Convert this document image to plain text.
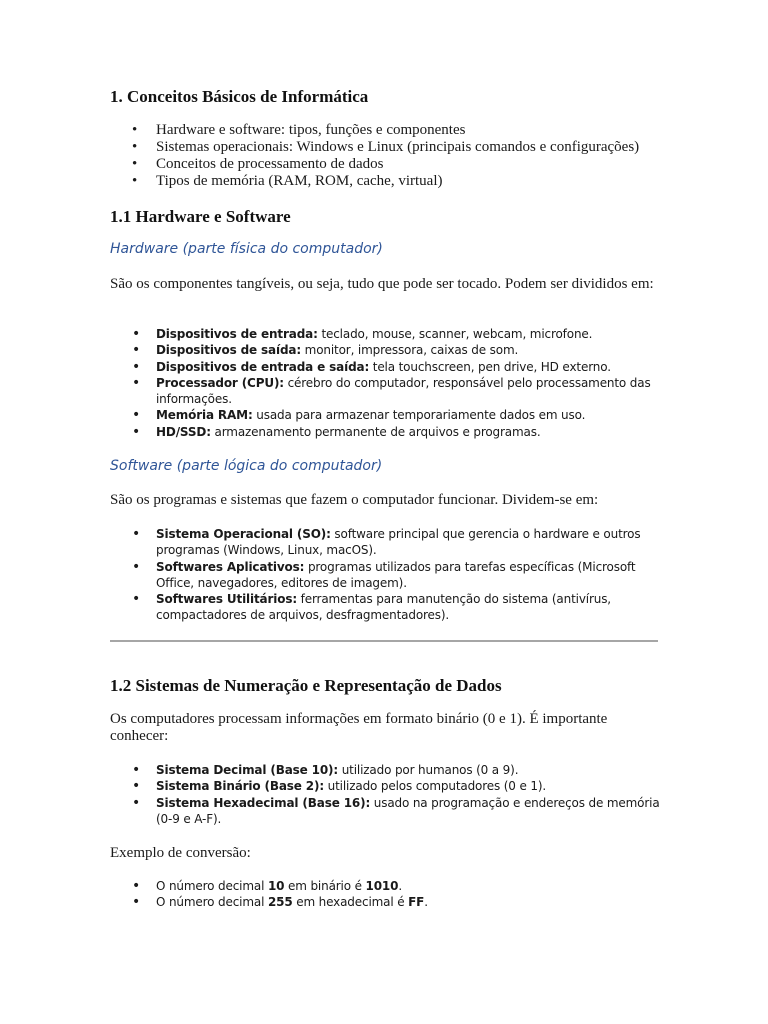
1. Conceitos Básicos de Informática
• Hardware e software: tipos, funções e componentes
• Sistemas operacionais: Windows e Linux (principais comandos e configurações)
• Conceitos de processamento de dados
• Tipos de memória (RAM, ROM, cache, virtual)
1.1 Hardware e Software
Hardware (parte física do computador)

São os componentes tangíveis, ou seja, tudo que pode ser tocado. Podem ser divididos em:

• Dispositivos de entrada: teclado, mouse, scanner, webcam, microfone.
• Dispositivos de saída: monitor, impressora, caixas de som.
• Dispositivos de entrada e saída: tela touchscreen, pen drive, HD externo.
• Processador (CPU): cérebro do computador, responsável pelo processamento das informações.
• Memória RAM: usada para armazenar temporariamente dados em uso.
• HD/SSD: armazenamento permanente de arquivos e programas.
Software (parte lógica do computador)

São os programas e sistemas que fazem o computador funcionar. Dividem-se em:

• Sistema Operacional (SO): software principal que gerencia o hardware e outros programas (Windows, Linux, macOS).
• Softwares Aplicativos: programas utilizados para tarefas específicas (Microsoft Office, navegadores, editores de imagem).
• Softwares Utilitários: ferramentas para manutenção do sistema (antivírus, compactadores de arquivos, desfragmentadores).
1.2 Sistemas de Numeração e Representação de Dados

Os computadores processam informações em formato binário (0 e 1). É importante conhecer:

• Sistema Decimal (Base 10): utilizado por humanos (0 a 9).
• Sistema Binário (Base 2): utilizado pelos computadores (0 e 1).
• Sistema Hexadecimal (Base 16): usado na programação e endereços de memória (0-9 e A-F).

Exemplo de conversão:

• O número decimal 10 em binário é 1010.
• O número decimal 255 em hexadecimal é FF.
